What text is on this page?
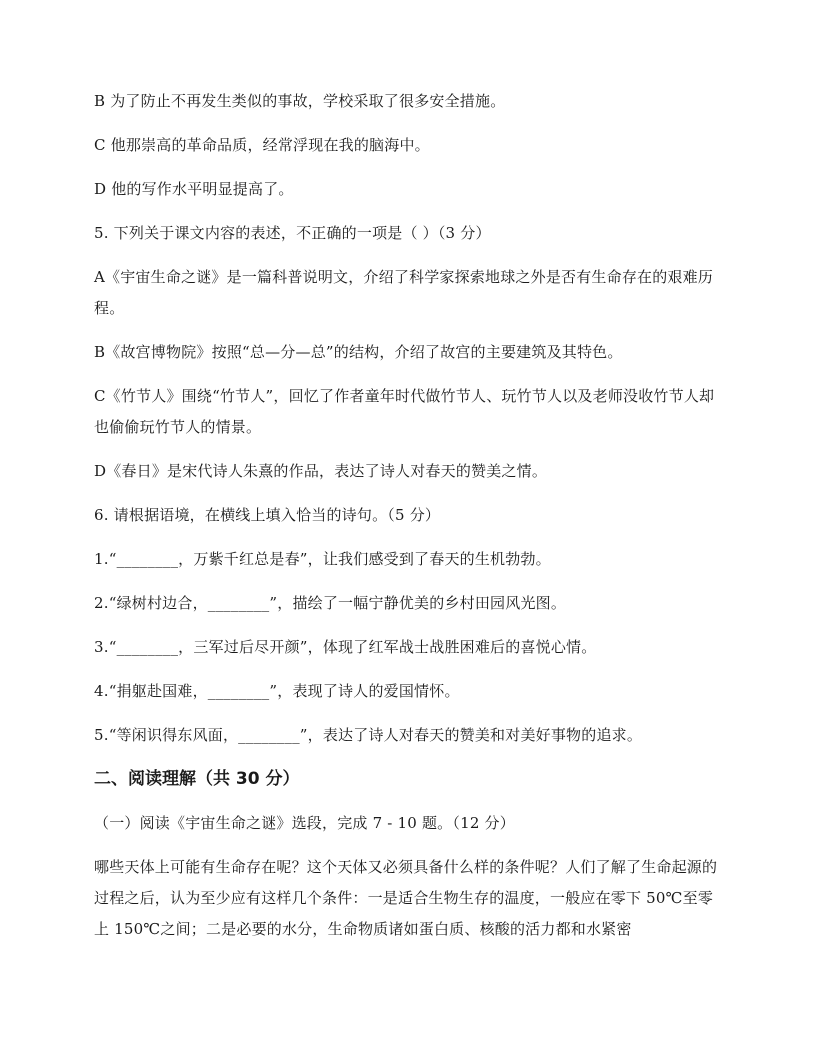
B 为了防止不再发生类似的事故，学校采取了很多安全措施。

C 他那崇高的革命品质，经常浮现在我的脑海中。

D 他的写作水平明显提高了。

5. 下列关于课文内容的表述，不正确的一项是（ ）（3 分）

A《宇宙生命之谜》是一篇科普说明文，介绍了科学家探索地球之外是否有生命存在的艰难历程。

B《故宫博物院》按照“总—分—总”的结构，介绍了故宫的主要建筑及其特色。

C《竹节人》围绕“竹节人”，回忆了作者童年时代做竹节人、玩竹节人以及老师没收竹节人却也偷偷玩竹节人的情景。

D《春日》是宋代诗人朱熹的作品，表达了诗人对春天的赞美之情。

6. 请根据语境，在横线上填入恰当的诗句。（5 分）

1.“________，万紫千红总是春”，让我们感受到了春天的生机勃勃。

2.“绿树村边合，________”，描绘了一幅宁静优美的乡村田园风光图。

3.“________，三军过后尽开颜”，体现了红军战士战胜困难后的喜悦心情。

4.“捐躯赴国难，________”，表现了诗人的爱国情怀。

5.“等闲识得东风面，________”，表达了诗人对春天的赞美和对美好事物的追求。

二、阅读理解（共 30 分）

（一）阅读《宇宙生命之谜》选段，完成 7 - 10 题。（12 分）

哪些天体上可能有生命存在呢？这个天体又必须具备什么样的条件呢？人们了解了生命起源的过程之后，认为至少应有这样几个条件：一是适合生物生存的温度，一般应在零下 50℃至零上 150℃之间；二是必要的水分，生命物质诸如蛋白质、核酸的活力都和水紧密
